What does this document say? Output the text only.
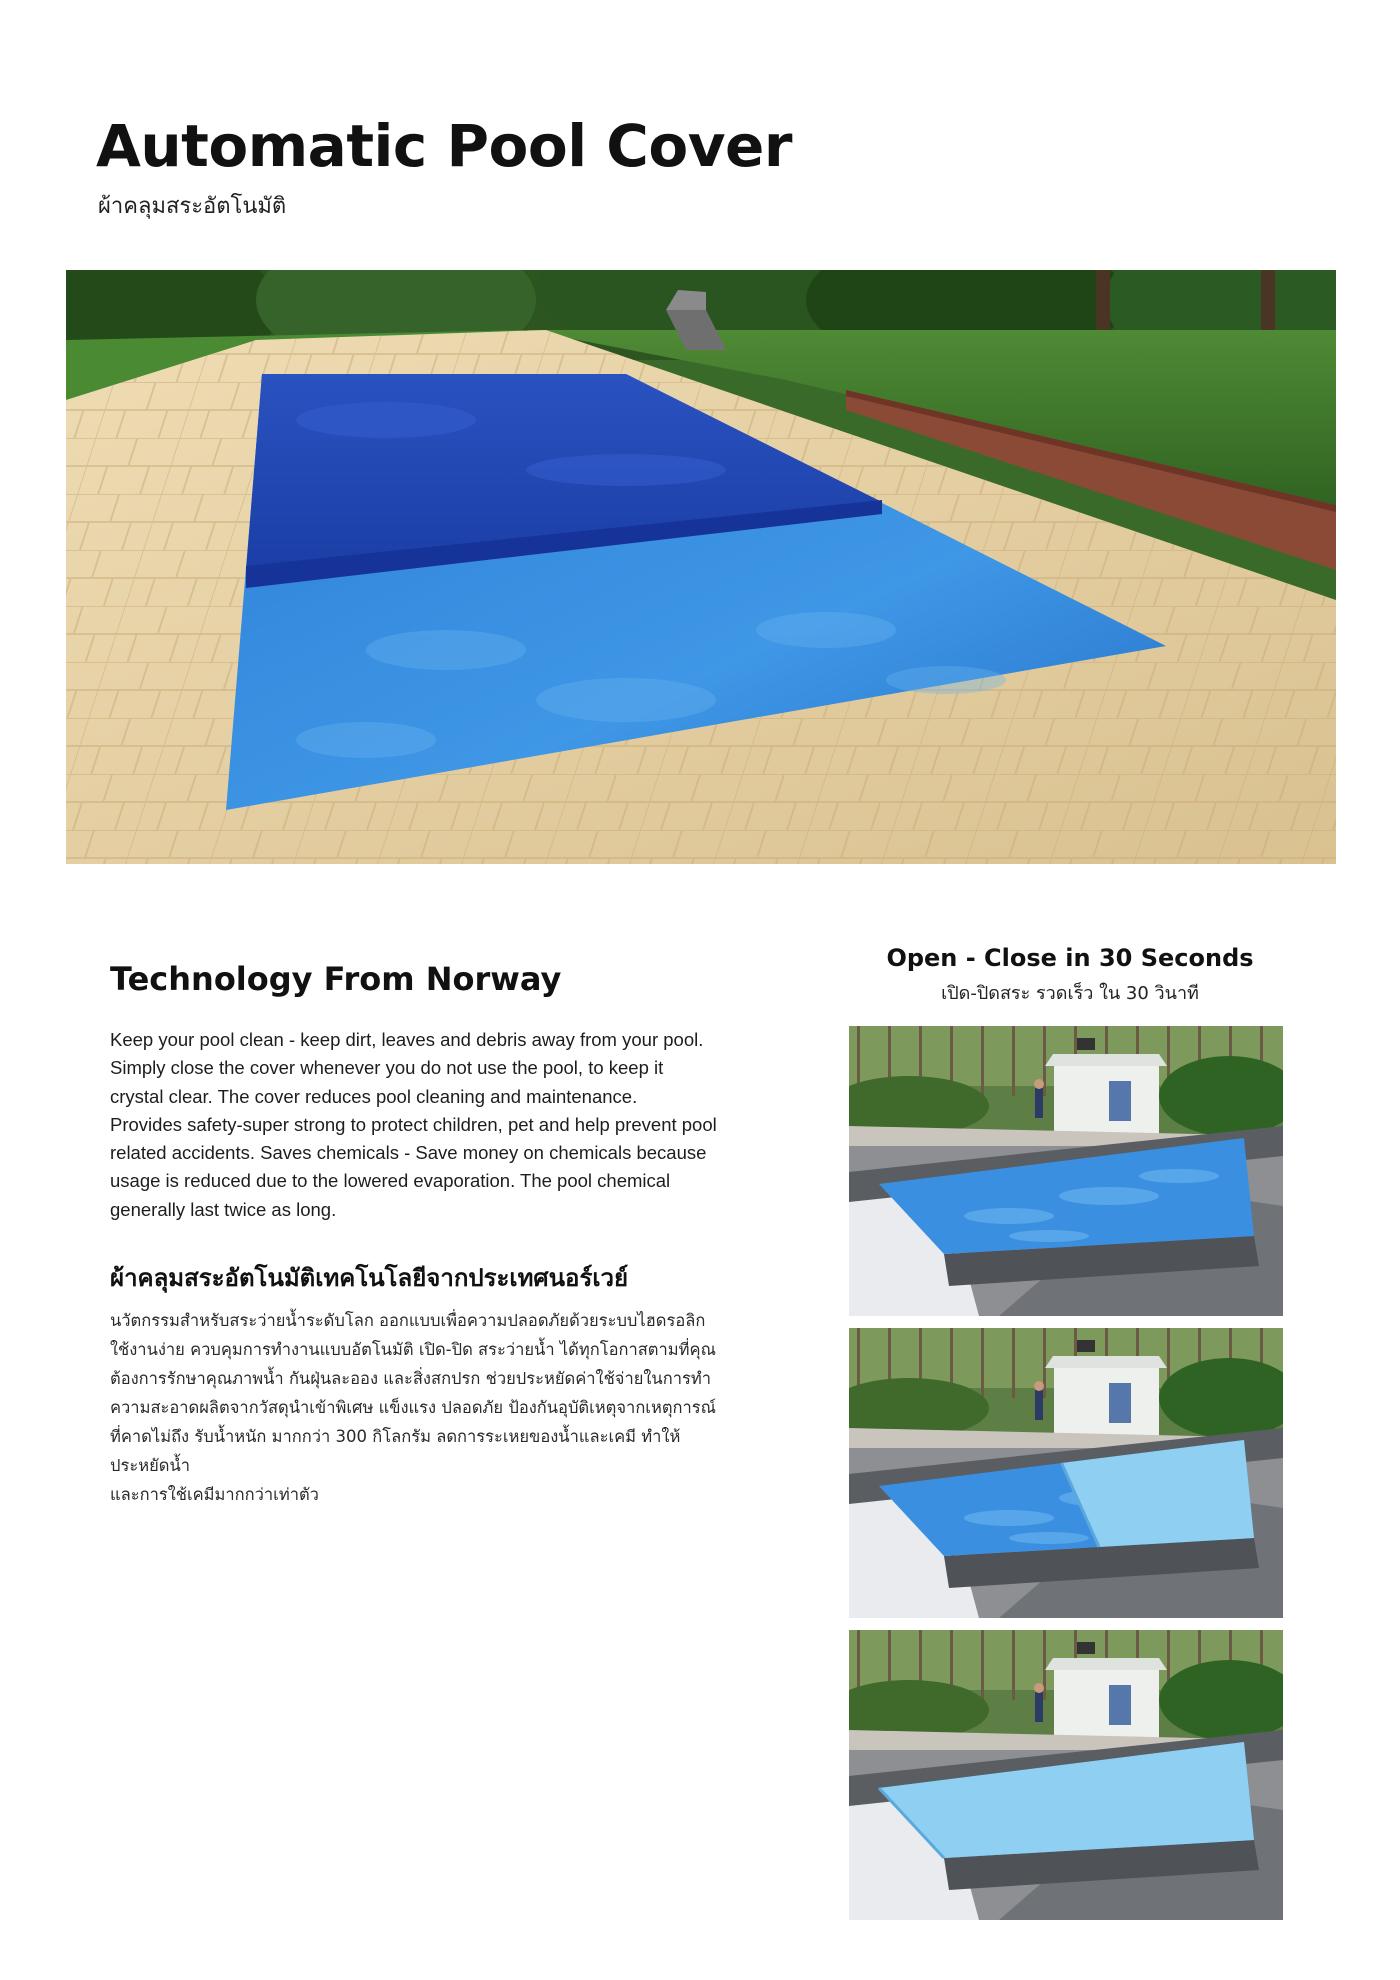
Automatic Pool Cover
ผ้าคลุมสระอัตโนมัติ
Technology From Norway
Keep your pool clean - keep dirt, leaves and debris away from your pool.
Simply close the cover whenever you do not use the pool, to keep it
crystal clear. The cover reduces pool cleaning and maintenance.
Provides safety-super strong to protect children, pet and help prevent pool
related accidents. Saves chemicals - Save money on chemicals because
usage is reduced due to the lowered evaporation. The pool chemical
generally last twice as long.
ผ้าคลุมสระอัตโนมัติเทคโนโลยีจากประเทศนอร์เวย์
นวัตกรรมสำหรับสระว่ายน้ำระดับโลก ออกแบบเพื่อความปลอดภัยด้วยระบบไฮดรอลิก
ใช้งานง่าย ควบคุมการทำงานแบบอัตโนมัติ เปิด-ปิด สระว่ายน้ำ ได้ทุกโอกาสตามที่คุณ
ต้องการรักษาคุณภาพน้ำ กันฝุ่นละออง และสิ่งสกปรก ช่วยประหยัดค่าใช้จ่ายในการทำ
ความสะอาดผลิตจากวัสดุนำเข้าพิเศษ แข็งแรง ปลอดภัย ป้องกันอุบัติเหตุจากเหตุการณ์
ที่คาดไม่ถึง รับน้ำหนัก มากกว่า 300 กิโลกรัม ลดการระเหยของน้ำและเคมี ทำให้ประหยัดน้ำ
และการใช้เคมีมากกว่าเท่าตัว
Open - Close in 30 Seconds
เปิด-ปิดสระ รวดเร็ว ใน 30 วินาที
